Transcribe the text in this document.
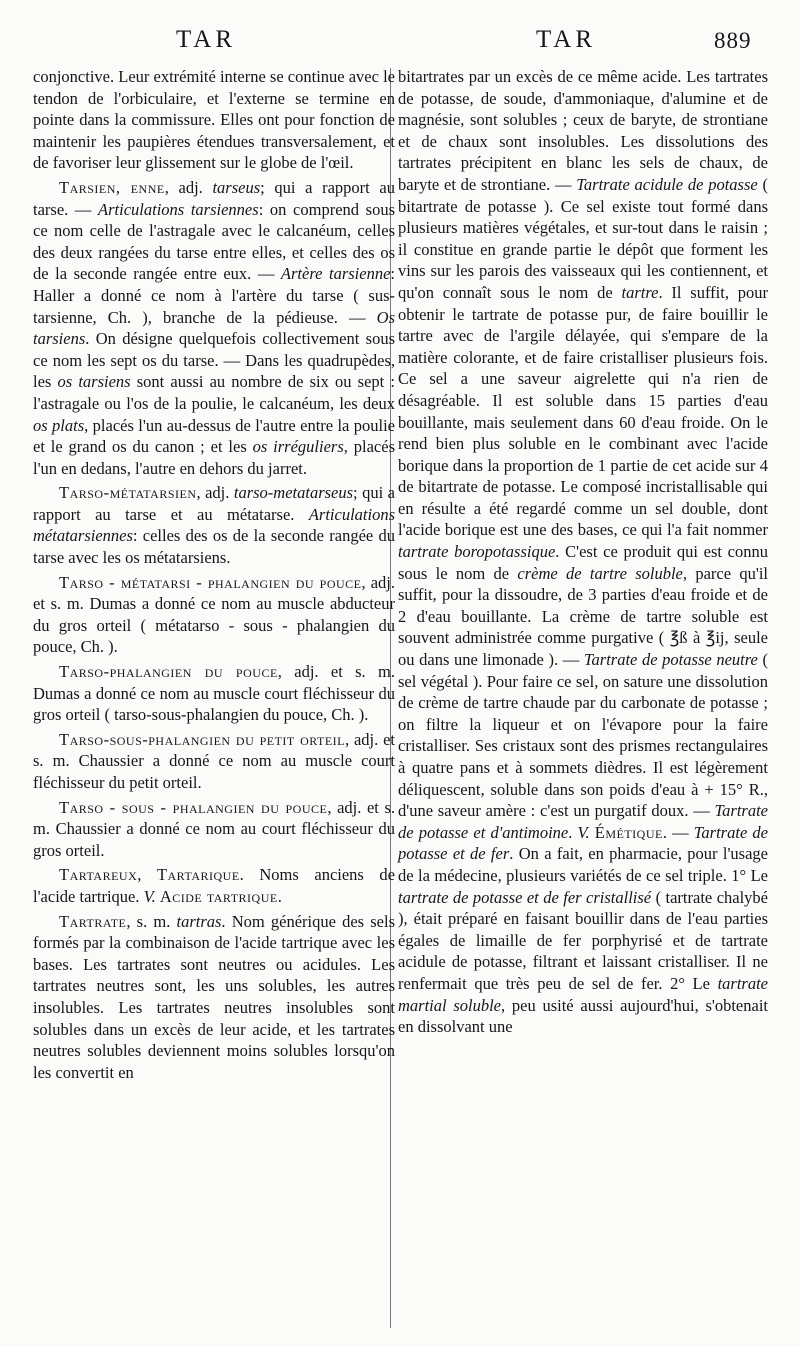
TAR	TAR	889

conjonctive. Leur extrémité interne se continue avec le tendon de l'orbiculaire, et l'externe se termine en pointe dans la commissure. Elles ont pour fonction de maintenir les paupières étendues transversalement, et de favoriser leur glissement sur le globe de l'œil.

Tarsien, enne, adj. tarseus; qui a rapport au tarse. — Articulations tarsiennes: on comprend sous ce nom celle de l'astragale avec le calcanéum, celles des deux rangées du tarse entre elles, et celles des os de la seconde rangée entre eux. — Artère tarsienne: Haller a donné ce nom à l'artère du tarse ( sus-tarsienne, Ch. ), branche de la pédieuse. — Os tarsiens. On désigne quelquefois collectivement sous ce nom les sept os du tarse. — Dans les quadrupèdes, les os tarsiens sont aussi au nombre de six ou sept : l'astragale ou l'os de la poulie, le calcanéum, les deux os plats, placés l'un au-dessus de l'autre entre la poulie et le grand os du canon ; et les os irréguliers, placés l'un en dedans, l'autre en dehors du jarret.

Tarso-métatarsien, adj. tarso-metatarseus; qui a rapport au tarse et au métatarse. Articulations métatarsiennes: celles des os de la seconde rangée du tarse avec les os métatarsiens.

Tarso - métatarsi - phalangien du pouce, adj. et s. m. Dumas a donné ce nom au muscle abducteur du gros orteil ( métatarso - sous - phalangien du pouce, Ch. ).

Tarso-phalangien du pouce, adj. et s. m. Dumas a donné ce nom au muscle court fléchisseur du gros orteil ( tarso-sous-phalangien du pouce, Ch. ).

Tarso-sous-phalangien du petit orteil, adj. et s. m. Chaussier a donné ce nom au muscle court fléchisseur du petit orteil.

Tarso - sous - phalangien du pouce, adj. et s. m. Chaussier a donné ce nom au court fléchisseur du gros orteil.

Tartareux, Tartarique. Noms anciens de l'acide tartrique. V. Acide tartrique.

Tartrate, s. m. tartras. Nom générique des sels formés par la combinaison de l'acide tartrique avec les bases. Les tartrates sont neutres ou acidules. Les tartrates neutres sont, les uns solubles, les autres insolubles. Les tartrates neutres insolubles sont solubles dans un excès de leur acide, et les tartrates neutres solubles deviennent moins solubles lorsqu'on les convertit en

bitartrates par un excès de ce même acide. Les tartrates de potasse, de soude, d'ammoniaque, d'alumine et de magnésie, sont solubles ; ceux de baryte, de strontiane et de chaux sont insolubles. Les dissolutions des tartrates précipitent en blanc les sels de chaux, de baryte et de strontiane. — Tartrate acidule de potasse ( bitartrate de potasse ). Ce sel existe tout formé dans plusieurs matières végétales, et sur-tout dans le raisin ; il constitue en grande partie le dépôt que forment les vins sur les parois des vaisseaux qui les contiennent, et qu'on connaît sous le nom de tartre. Il suffit, pour obtenir le tartrate de potasse pur, de faire bouillir le tartre avec de l'argile délayée, qui s'empare de la matière colorante, et de faire cristalliser plusieurs fois. Ce sel a une saveur aigrelette qui n'a rien de désagréable. Il est soluble dans 15 parties d'eau bouillante, mais seulement dans 60 d'eau froide. On le rend bien plus soluble en le combinant avec l'acide borique dans la proportion de 1 partie de cet acide sur 4 de bitartrate de potasse. Le composé incristallisable qui en résulte a été regardé comme un sel double, dont l'acide borique est une des bases, ce qui l'a fait nommer tartrate boropotassique. C'est ce produit qui est connu sous le nom de crème de tartre soluble, parce qu'il suffit, pour la dissoudre, de 3 parties d'eau froide et de 2 d'eau bouillante. La crème de tartre soluble est souvent administrée comme purgative ( ℥ß à ℥ij, seule ou dans une limonade ). — Tartrate de potasse neutre ( sel végétal ). Pour faire ce sel, on sature une dissolution de crème de tartre chaude par du carbonate de potasse ; on filtre la liqueur et on l'évapore pour la faire cristalliser. Ses cristaux sont des prismes rectangulaires à quatre pans et à sommets dièdres. Il est légèrement déliquescent, soluble dans son poids d'eau à + 15° R., d'une saveur amère : c'est un purgatif doux. — Tartrate de potasse et d'antimoine. V. Émétique. — Tartrate de potasse et de fer. On a fait, en pharmacie, pour l'usage de la médecine, plusieurs variétés de ce sel triple. 1° Le tartrate de potasse et de fer cristallisé ( tartrate chalybé ), était préparé en faisant bouillir dans de l'eau parties égales de limaille de fer porphyrisé et de tartrate acidule de potasse, filtrant et laissant cristalliser. Il ne renfermait que très peu de sel de fer. 2° Le tartrate martial soluble, peu usité aussi aujourd'hui, s'obtenait en dissolvant une
